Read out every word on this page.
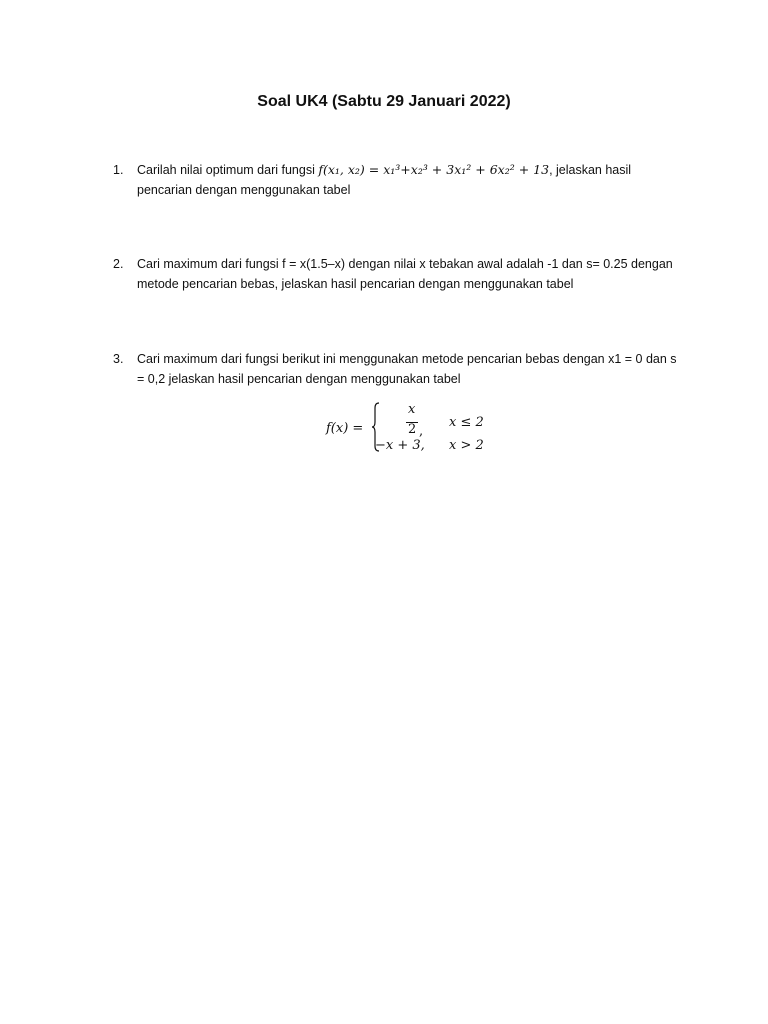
Soal UK4 (Sabtu 29 Januari 2022)
1.	Carilah nilai optimum dari fungsi f(x₁, x₂) = x₁³+x₂³ + 3x₁² + 6x₂² + 13, jelaskan hasil pencarian dengan menggunakan tabel
2.	Cari maximum dari fungsi f = x(1.5–x) dengan nilai x tebakan awal adalah -1 dan s= 0.25 dengan metode pencarian bebas, jelaskan hasil pencarian dengan menggunakan tabel
3.	Cari maximum dari fungsi berikut ini menggunakan metode pencarian bebas dengan x1 = 0 dan s = 0,2 jelaskan hasil pencarian dengan menggunakan tabel
f(x) =
x
2 ,
x ≤ 2
−x + 3, x > 2
